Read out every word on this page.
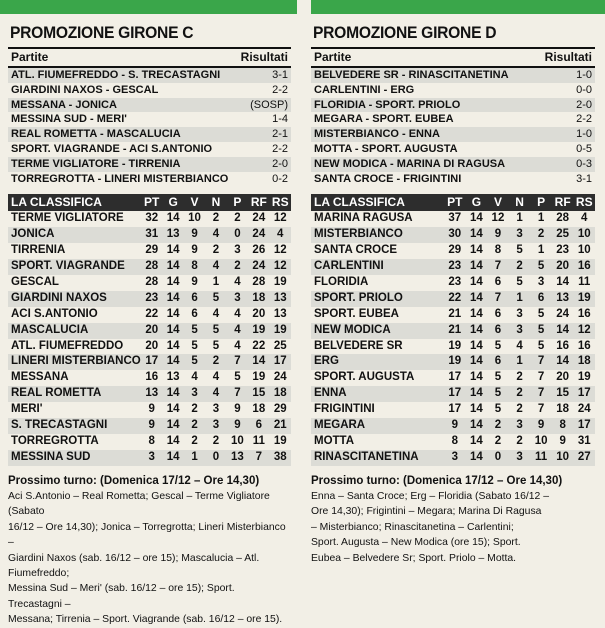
PROMOZIONE GIRONE C
Partite	Risultati
ATL. FIUMEFREDDO - S. TRECASTAGNI	3-1
GIARDINI NAXOS - GESCAL	2-2
MESSANA - JONICA	(SOSP)
MESSINA SUD - MERI'	1-4
REAL ROMETTA - MASCALUCIA	2-1
SPORT. VIAGRANDE - ACI S.ANTONIO	2-2
TERME VIGLIATORE - TIRRENIA	2-0
TORREGROTTA - LINERI MISTERBIANCO	0-2
LA CLASSIFICA	PT G	V	N	P RF RS
TERME VIGLIATORE	32 14 10	2	2	24 12
JONICA	31 13	9	4	0	24	4
TIRRENIA	29 14	9	2	3	26 12
SPORT. VIAGRANDE	28 14	8	4	2	24 12
GESCAL	28 14	9	1	4	28 19
GIARDINI NAXOS	23 14	6	5	3	18 13
ACI S.ANTONIO	22 14	6	4	4	20 13
MASCALUCIA	20 14	5	5	4	19 19
ATL. FIUMEFREDDO	20 14	5	5	4	22 25
LINERI MISTERBIANCO 17 14	5	2	7	14 17
MESSANA	16 13	4	4	5	19 24
REAL ROMETTA	13 14	3	4	7	15 18
MERI'	9	14	2	3	9	18 29
S. TRECASTAGNI	9	14	2	3	9	6	21
TORREGROTTA	8	14	2	2	10 11 19
MESSINA SUD	3	14	1	0	13	7	38
Prossimo turno: (Domenica 17/12 – Ore 14,30)
Aci S.Antonio – Real Rometta; Gescal – Terme Vigliatore (Sabato
16/12 – Ore 14,30); Jonica – Torregrotta; Lineri Misterbianco –
Giardini Naxos (sab. 16/12 – ore 15); Mascalucia – Atl. Fiumefreddo;
Messina Sud – Meri' (sab. 16/12 – ore 15); Sport. Trecastagni –
Messana; Tirrenia – Sport. Viagrande (sab. 16/12 – ore 15).
PROMOZIONE GIRONE D
Partite	Risultati
BELVEDERE SR - RINASCITANETINA	1-0
CARLENTINI - ERG	0-0
FLORIDIA - SPORT. PRIOLO	2-0
MEGARA - SPORT. EUBEA	2-2
MISTERBIANCO - ENNA	1-0
MOTTA - SPORT. AUGUSTA	0-5
NEW MODICA - MARINA DI RAGUSA	0-3
SANTA CROCE - FRIGINTINI	3-1
LA CLASSIFICA	PT G	V	N	P RF RS
MARINA RAGUSA	37 14 12	1	1	28	4
MISTERBIANCO	30 14	9	3	2	25 10
SANTA CROCE	29 14	8	5	1	23 10
CARLENTINI	23 14	7	2	5	20 16
FLORIDIA	23 14	6	5	3	14 11
SPORT. PRIOLO	22 14	7	1	6	13 19
SPORT. EUBEA	21 14	6	3	5	24 16
NEW MODICA	21 14	6	3	5	14 12
BELVEDERE SR	19 14	5	4	5	16 16
ERG	19 14	6	1	7	14 18
SPORT. AUGUSTA	17 14	5	2	7	20 19
ENNA	17 14	5	2	7	15 17
FRIGINTINI	17 14	5	2	7	18 24
MEGARA	9	14	2	3	9	8	17
MOTTA	8	14	2	2	10	9	31
RINASCITANETINA	3	14	0	3	11 10 27
Prossimo turno: (Domenica 17/12 – Ore 14,30)
Enna – Santa Croce; Erg – Floridia (Sabato 16/12 –
Ore 14,30); Frigintini – Megara; Marina Di Ragusa
– Misterbianco; Rinascitanetina – Carlentini;
Sport. Augusta – New Modica (ore 15); Sport.
Eubea – Belvedere Sr; Sport. Priolo – Motta.
